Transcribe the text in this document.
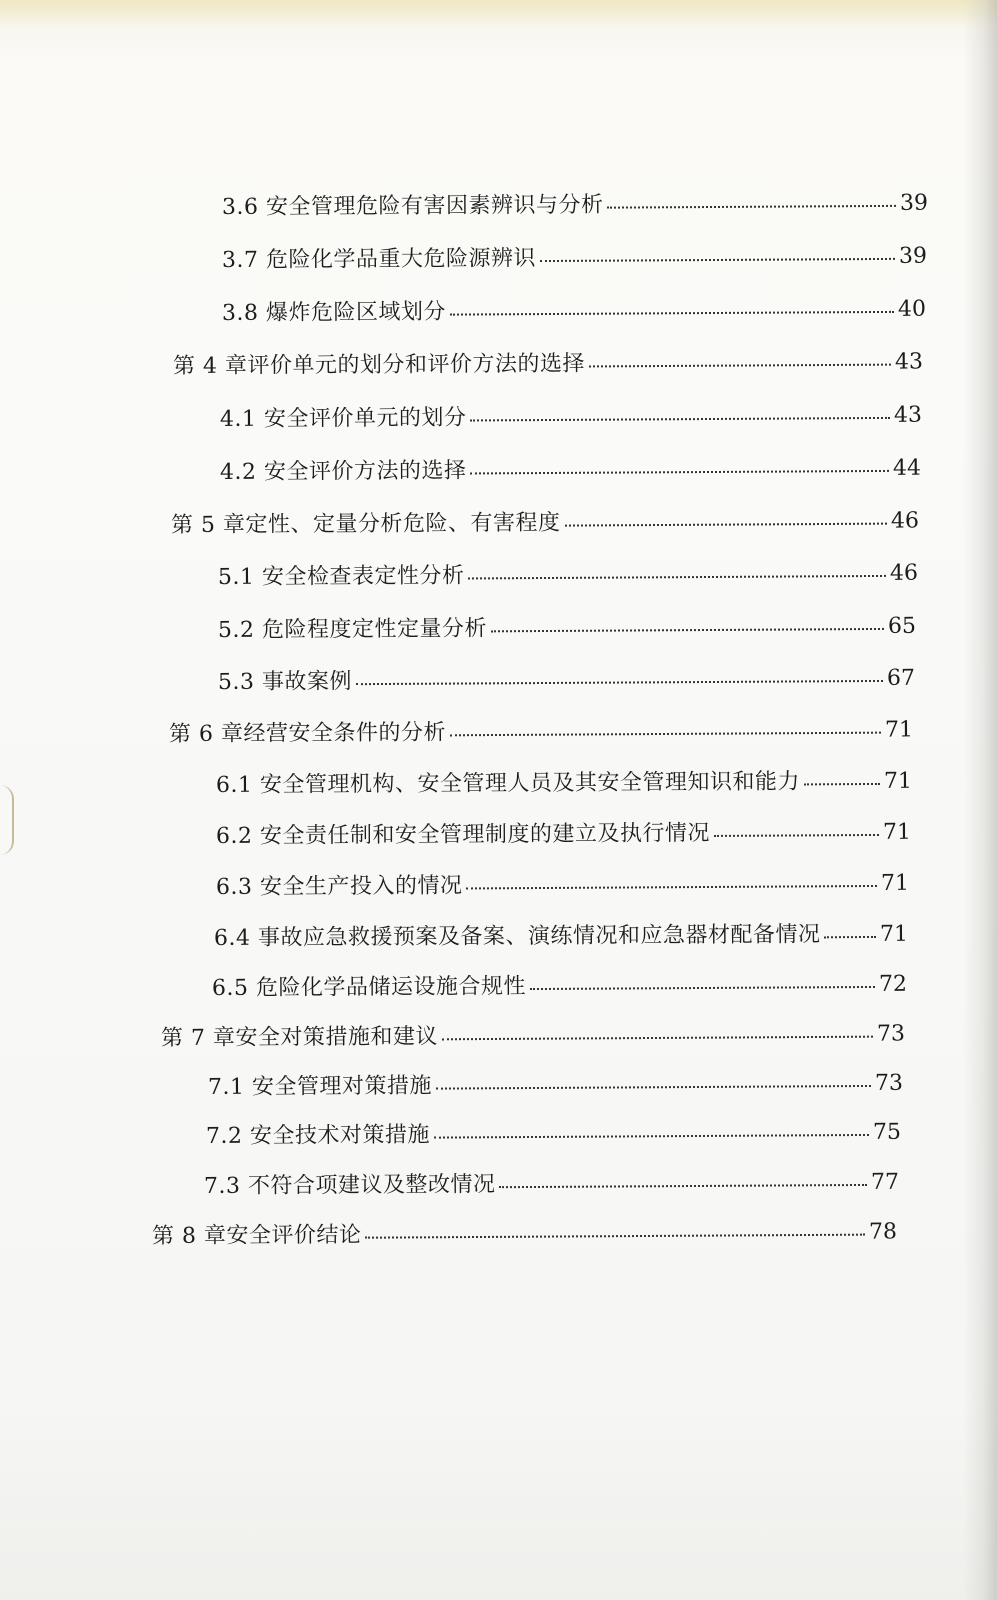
3.6 安全管理危险有害因素辨识与分析	39
3.7 危险化学品重大危险源辨识	39
3.8 爆炸危险区域划分	40
第 4 章评价单元的划分和评价方法的选择	43
4.1 安全评价单元的划分	43
4.2 安全评价方法的选择	44
第 5 章定性、定量分析危险、有害程度	46
5.1 安全检查表定性分析	46
5.2 危险程度定性定量分析	65
5.3 事故案例	67
第 6 章经营安全条件的分析	71
6.1 安全管理机构、安全管理人员及其安全管理知识和能力	71
6.2 安全责任制和安全管理制度的建立及执行情况	71
6.3 安全生产投入的情况	71
6.4 事故应急救援预案及备案、演练情况和应急器材配备情况	71
6.5 危险化学品储运设施合规性	72
第 7 章安全对策措施和建议	73
7.1 安全管理对策措施	73
7.2 安全技术对策措施	75
7.3 不符合项建议及整改情况	77
第 8 章安全评价结论	78
